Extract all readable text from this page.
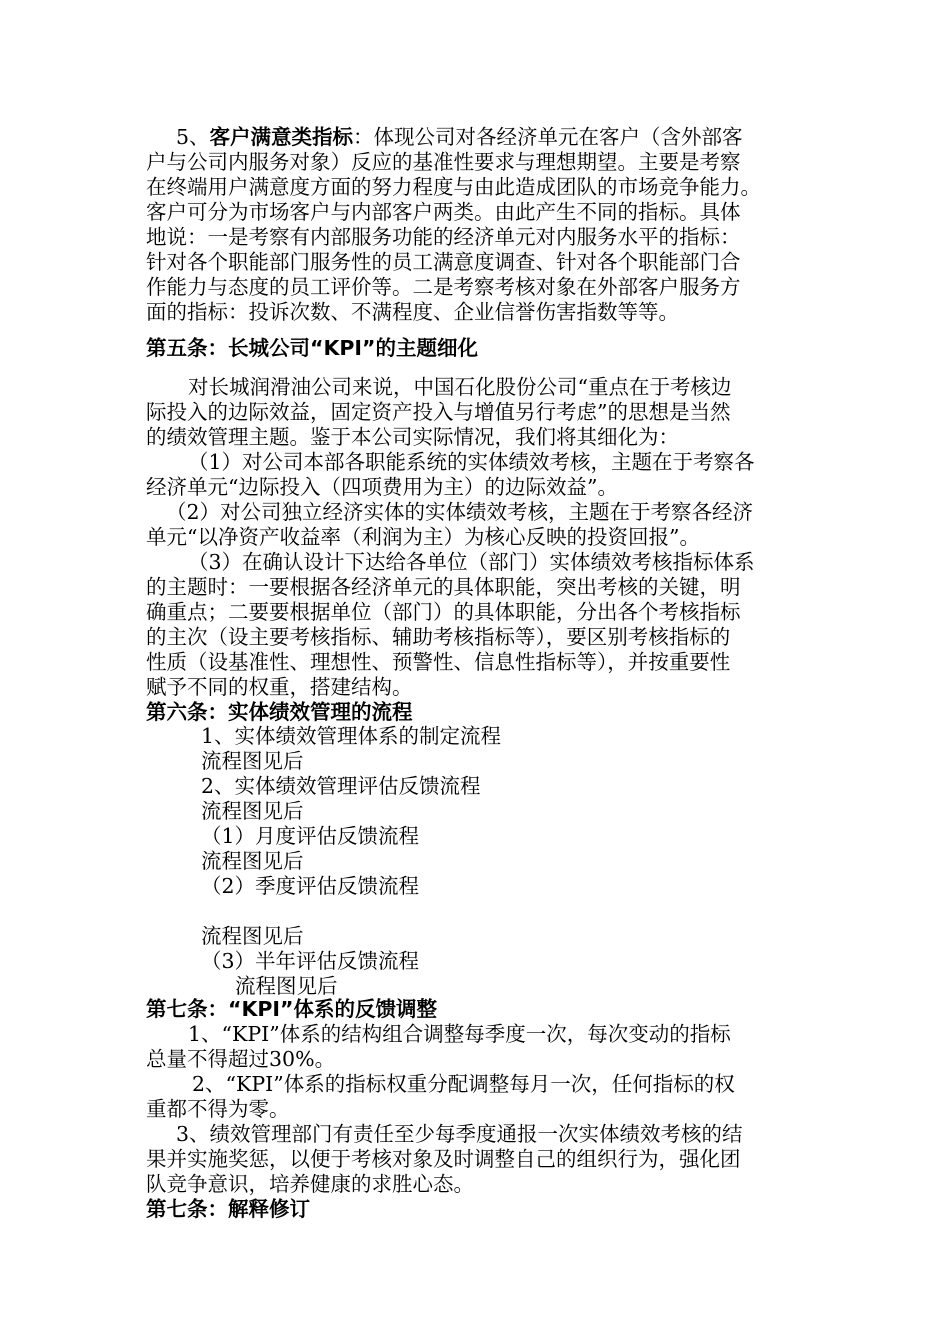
5、客户满意类指标：体现公司对各经济单元在客户（含外部客
户与公司内服务对象）反应的基准性要求与理想期望。主要是考察
在终端用户满意度方面的努力程度与由此造成团队的市场竞争能力。
客户可分为市场客户与内部客户两类。由此产生不同的指标。具体
地说：一是考察有内部服务功能的经济单元对内服务水平的指标：
针对各个职能部门服务性的员工满意度调查、针对各个职能部门合
作能力与态度的员工评价等。二是考察考核对象在外部客户服务方
面的指标：投诉次数、不满程度、企业信誉伤害指数等等。
第五条：长城公司“KPI”的主题细化
对长城润滑油公司来说，中国石化股份公司“重点在于考核边
际投入的边际效益，固定资产投入与增值另行考虑”的思想是当然
的绩效管理主题。鉴于本公司实际情况，我们将其细化为：
（1）对公司本部各职能系统的实体绩效考核，主题在于考察各
经济单元“边际投入（四项费用为主）的边际效益”。
（2）对公司独立经济实体的实体绩效考核，主题在于考察各经济
单元“以净资产收益率（利润为主）为核心反映的投资回报”。
（3）在确认设计下达给各单位（部门）实体绩效考核指标体系
的主题时：一要根据各经济单元的具体职能，突出考核的关键，明
确重点；二要要根据单位（部门）的具体职能，分出各个考核指标
的主次（设主要考核指标、辅助考核指标等），要区别考核指标的
性质（设基准性、理想性、预警性、信息性指标等），并按重要性
赋予不同的权重，搭建结构。
第六条：实体绩效管理的流程
1、实体绩效管理体系的制定流程
流程图见后
2、实体绩效管理评估反馈流程
流程图见后
（1）月度评估反馈流程
流程图见后
（2）季度评估反馈流程
流程图见后
（3）半年评估反馈流程
流程图见后
第七条：“KPI”体系的反馈调整
1、“KPI”体系的结构组合调整每季度一次，每次变动的指标
总量不得超过30%。
2、“KPI”体系的指标权重分配调整每月一次，任何指标的权
重都不得为零。
3、绩效管理部门有责任至少每季度通报一次实体绩效考核的结
果并实施奖惩，以便于考核对象及时调整自己的组织行为，强化团
队竞争意识，培养健康的求胜心态。
第七条：解释修订
